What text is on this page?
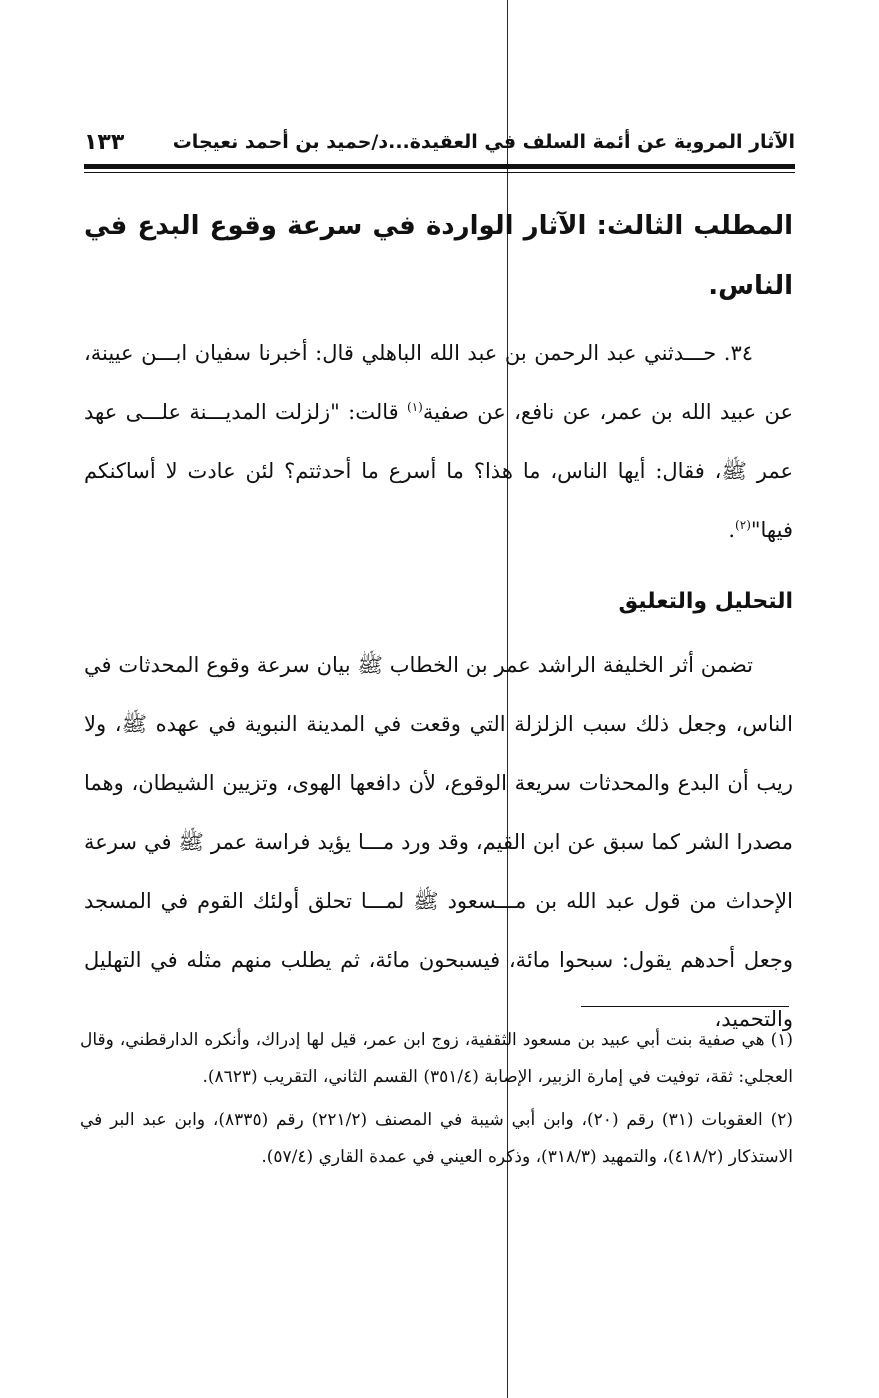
الآثار المروية عن أئمة السلف في العقيدة...د/حميد بن أحمد نعيجات
١٣٣
المطلب الثالث: الآثار الواردة في سرعة وقوع البدع في الناس.

٣٤. حـــدثني عبد الرحمن بن عبد الله الباهلي قال: أخبرنا سفيان ابـــن عيينة، عن عبيد الله بن عمر، عن نافع، عن صفية$^{(١)}$ قالت: "زلزلت المديـــنة علـــى عهد عمر ﷺ، فقال: أيها الناس، ما هذا؟ ما أسرع ما أحدثتم؟ لئن عادت لا أساكنكم فيها"$^{(٢)}$.

التحليل والتعليق

تضمن أثر الخليفة الراشد عمر بن الخطاب ﷺ بيان سرعة وقوع المحدثات في الناس، وجعل ذلك سبب الزلزلة التي وقعت في المدينة النبوية في عهده ﷺ، ولا ريب أن البدع والمحدثات سريعة الوقوع، لأن دافعها الهوى، وتزيين الشيطان، وهما مصدرا الشر كما سبق عن ابن القيم، وقد ورد مـــا يؤيد فراسة عمر ﷺ في سرعة الإحداث من قول عبد الله بن مـــسعود ﷺ لمـــا تحلق أولئك القوم في المسجد وجعل أحدهم يقول: سبحوا مائة، فيسبحون مائة، ثم يطلب منهم مثله في التهليل والتحميد،

(١) هي صفية بنت أبي عبيد بن مسعود الثقفية، زوج ابن عمر، قيل لها إدراك، وأنكره الدارقطني، وقال العجلي: ثقة، توفيت في إمارة الزبير، الإصابة (٣٥١/٤) القسم الثاني، التقريب (٨٦٢٣).

(٢) العقوبات (٣١) رقم (٢٠)، وابن أبي شيبة في المصنف (٢٢١/٢) رقم (٨٣٣٥)، وابن عبد البر في الاستذكار (٤١٨/٢)، والتمهيد (٣١٨/٣)، وذكره العيني في عمدة القاري (٥٧/٤).
